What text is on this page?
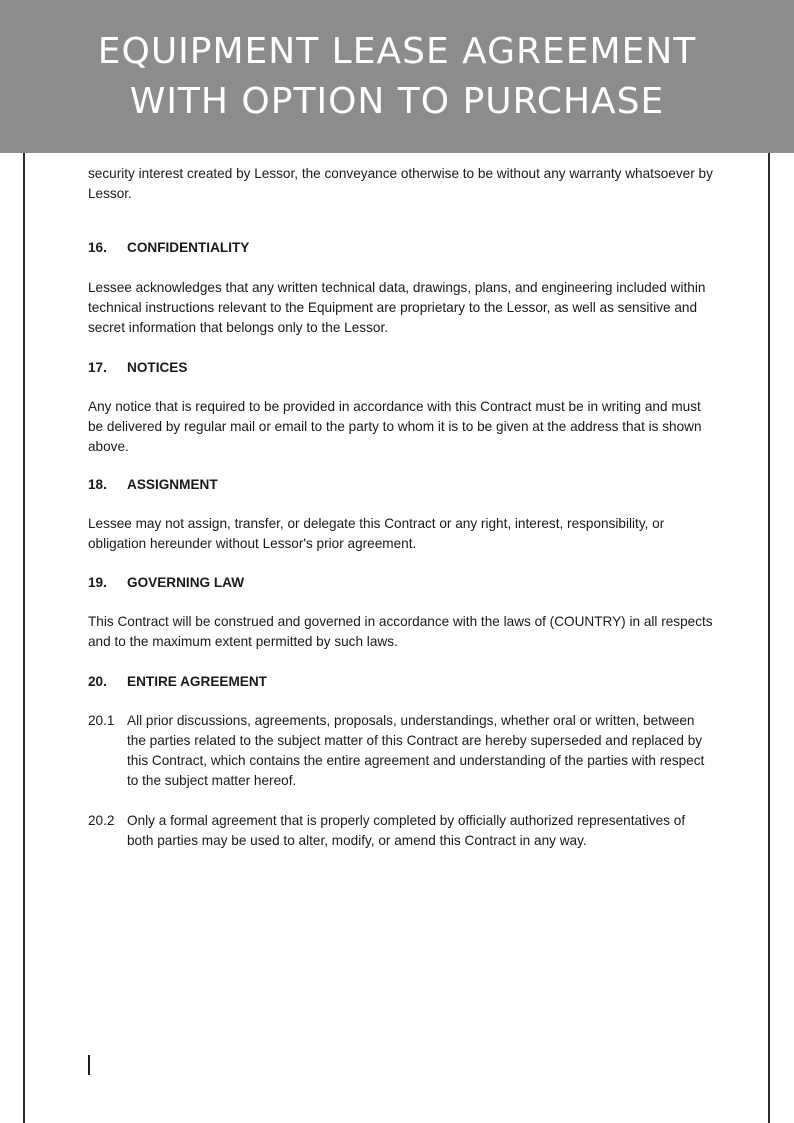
EQUIPMENT LEASE AGREEMENT
WITH OPTION TO PURCHASE

security interest created by Lessor, the conveyance otherwise to be without any warranty whatsoever by Lessor.

16.	CONFIDENTIALITY

Lessee acknowledges that any written technical data, drawings, plans, and engineering included within technical instructions relevant to the Equipment are proprietary to the Lessor, as well as sensitive and secret information that belongs only to the Lessor.

17.	NOTICES

Any notice that is required to be provided in accordance with this Contract must be in writing and must be delivered by regular mail or email to the party to whom it is to be given at the address that is shown above.

18.	ASSIGNMENT

Lessee may not assign, transfer, or delegate this Contract or any right, interest, responsibility, or obligation hereunder without Lessor's prior agreement.

19.	GOVERNING LAW

This Contract will be construed and governed in accordance with the laws of (COUNTRY) in all respects and to the maximum extent permitted by such laws.

20.	ENTIRE AGREEMENT
20.1 All prior discussions, agreements, proposals, understandings, whether oral or written, between the parties related to the subject matter of this Contract are hereby superseded and replaced by this Contract, which contains the entire agreement and understanding of the parties with respect to the subject matter hereof.
20.2 Only a formal agreement that is properly completed by officially authorized representatives of both parties may be used to alter, modify, or amend this Contract in any way.
